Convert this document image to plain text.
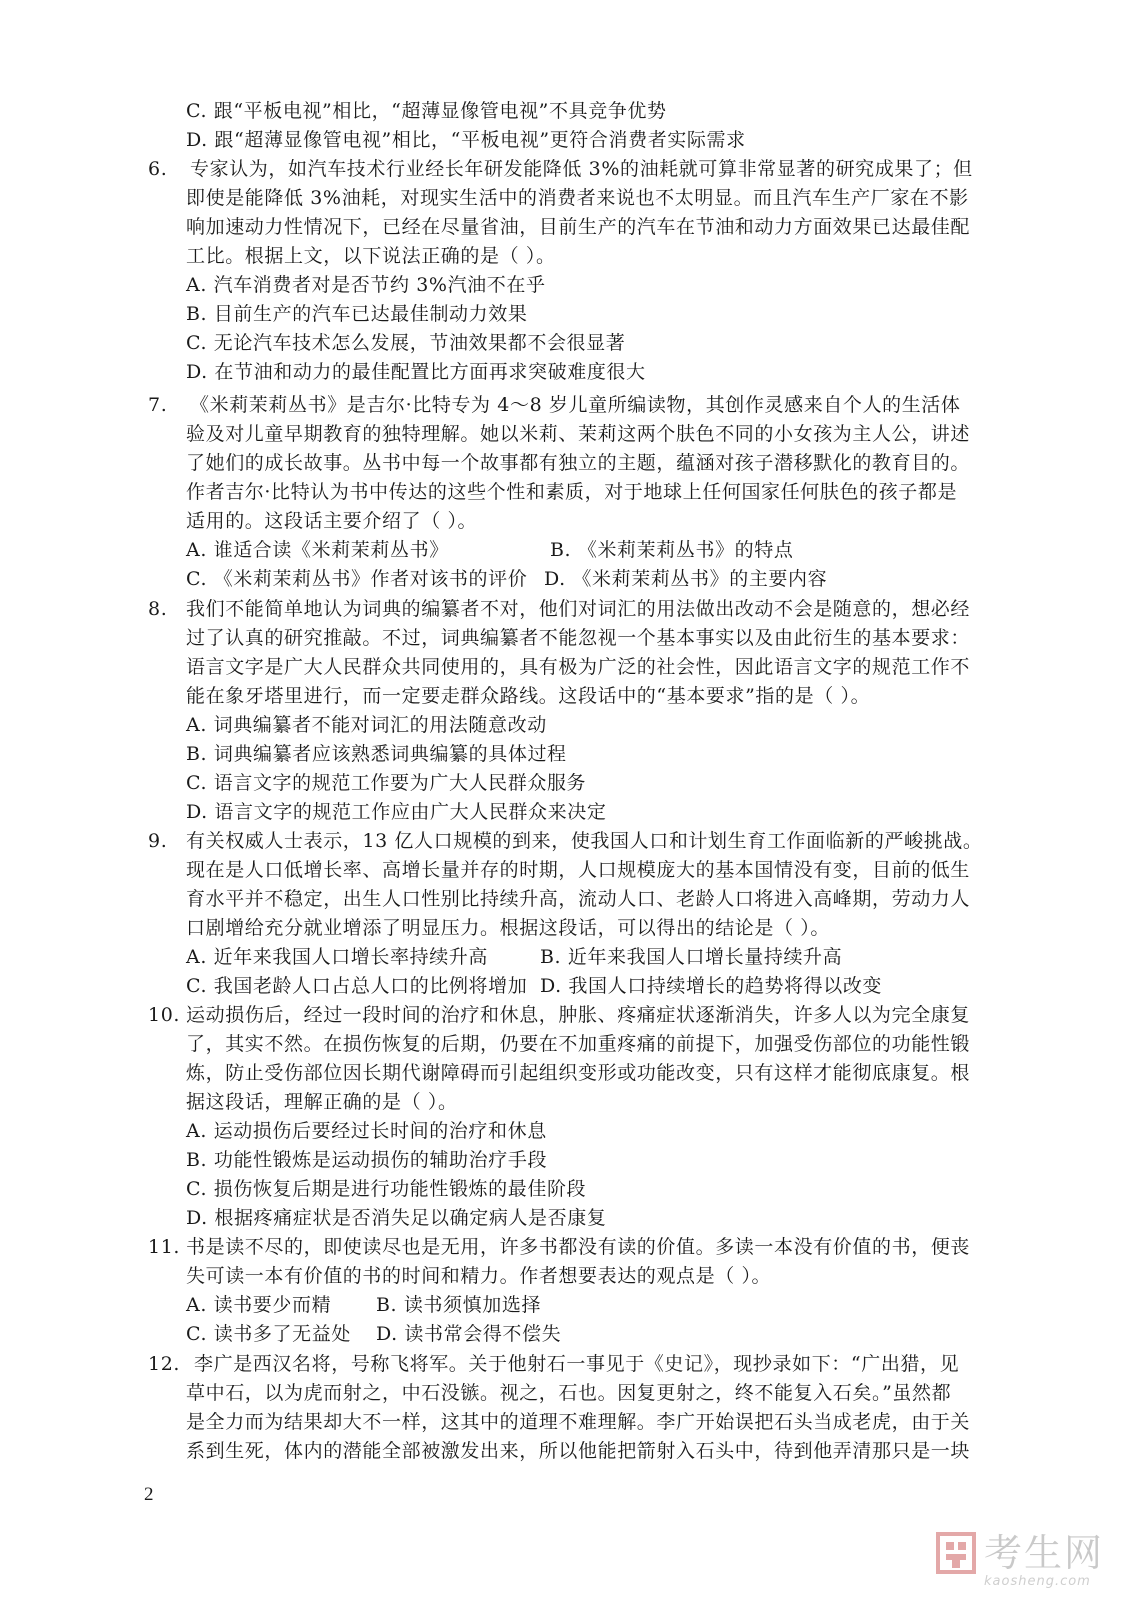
C. 跟“平板电视”相比，“超薄显像管电视”不具竞争优势
D. 跟“超薄显像管电视”相比，“平板电视”更符合消费者实际需求
6.	专家认为，如汽车技术行业经长年研发能降低 3%的油耗就可算非常显著的研究成果了；但
即使是能降低 3%油耗，对现实生活中的消费者来说也不太明显。而且汽车生产厂家在不影
响加速动力性情况下，已经在尽量省油，目前生产的汽车在节油和动力方面效果已达最佳配
工比。根据上文，以下说法正确的是（ ）。
A. 汽车消费者对是否节约 3%汽油不在乎
B. 目前生产的汽车已达最佳制动力效果
C. 无论汽车技术怎么发展，节油效果都不会很显著
D. 在节油和动力的最佳配置比方面再求突破难度很大
7.	《米莉茉莉丛书》是吉尔·比特专为 4～8 岁儿童所编读物，其创作灵感来自个人的生活体
验及对儿童早期教育的独特理解。她以米莉、茉莉这两个肤色不同的小女孩为主人公，讲述
了她们的成长故事。丛书中每一个故事都有独立的主题，蕴涵对孩子潜移默化的教育目的。
作者吉尔·比特认为书中传达的这些个性和素质，对于地球上任何国家任何肤色的孩子都是
适用的。这段话主要介绍了（ ）。
A. 谁适合读《米莉茉莉丛书》	B. 《米莉茉莉丛书》的特点
C. 《米莉茉莉丛书》作者对该书的评价 D. 《米莉茉莉丛书》的主要内容
8. 我们不能简单地认为词典的编纂者不对，他们对词汇的用法做出改动不会是随意的，想必经
过了认真的研究推敲。不过，词典编纂者不能忽视一个基本事实以及由此衍生的基本要求：
语言文字是广大人民群众共同使用的，具有极为广泛的社会性，因此语言文字的规范工作不
能在象牙塔里进行，而一定要走群众路线。这段话中的“基本要求”指的是（ ）。
A. 词典编纂者不能对词汇的用法随意改动
B. 词典编纂者应该熟悉词典编纂的具体过程
C. 语言文字的规范工作要为广大人民群众服务
D. 语言文字的规范工作应由广大人民群众来决定
9. 有关权威人士表示，13 亿人口规模的到来，使我国人口和计划生育工作面临新的严峻挑战。
现在是人口低增长率、高增长量并存的时期，人口规模庞大的基本国情没有变，目前的低生
育水平并不稳定，出生人口性别比持续升高，流动人口、老龄人口将进入高峰期，劳动力人
口剧增给充分就业增添了明显压力。根据这段话，可以得出的结论是（ ）。
A. 近年来我国人口增长率持续升高	B. 近年来我国人口增长量持续升高
C. 我国老龄人口占总人口的比例将增加 D. 我国人口持续增长的趋势将得以改变
10. 运动损伤后，经过一段时间的治疗和休息，肿胀、疼痛症状逐渐消失，许多人以为完全康复
了，其实不然。在损伤恢复的后期，仍要在不加重疼痛的前提下，加强受伤部位的功能性锻
炼，防止受伤部位因长期代谢障碍而引起组织变形或功能改变，只有这样才能彻底康复。根
据这段话，理解正确的是（ ）。
A. 运动损伤后要经过长时间的治疗和休息
B. 功能性锻炼是运动损伤的辅助治疗手段
C. 损伤恢复后期是进行功能性锻炼的最佳阶段
D. 根据疼痛症状是否消失足以确定病人是否康复
11. 书是读不尽的，即使读尽也是无用，许多书都没有读的价值。多读一本没有价值的书，便丧
失可读一本有价值的书的时间和精力。作者想要表达的观点是（ ）。
A. 读书要少而精 B. 读书须慎加选择
C. 读书多了无益处 D. 读书常会得不偿失
12. 李广是西汉名将，号称飞将军。关于他射石一事见于《史记》，现抄录如下：“广出猎，见
草中石，以为虎而射之，中石没镞。视之，石也。因复更射之，终不能复入石矣。”虽然都
是全力而为结果却大不一样，这其中的道理不难理解。李广开始误把石头当成老虎，由于关
系到生死，体内的潜能全部被激发出来，所以他能把箭射入石头中，待到他弄清那只是一块
2
考生网
kaosheng.com
